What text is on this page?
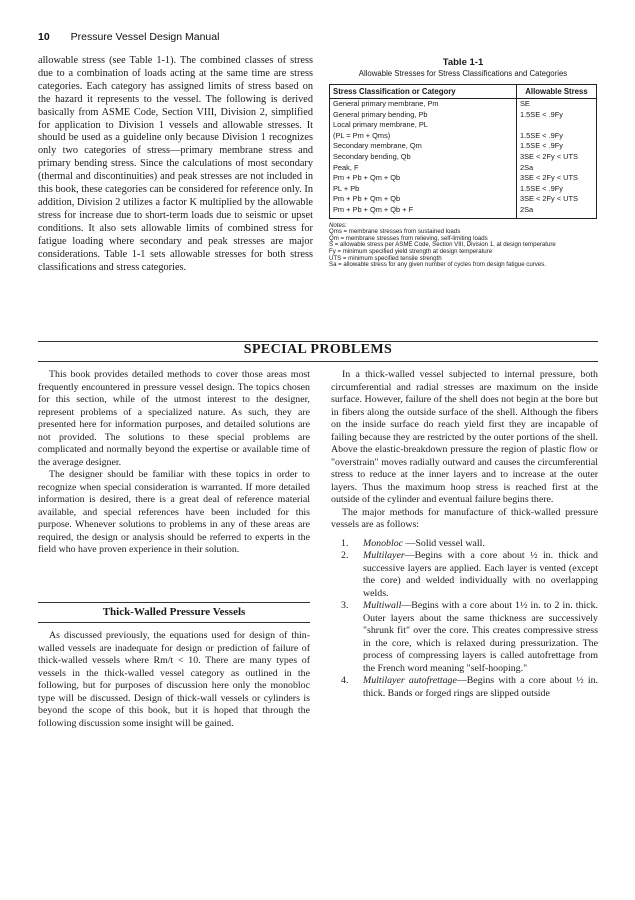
10 Pressure Vessel Design Manual
allowable stress (see Table 1-1). The combined classes of stress due to a combination of loads acting at the same time are stress categories. Each category has assigned limits of stress based on the hazard it represents to the vessel. The following is derived basically from ASME Code, Section VIII, Division 2, simplified for application to Division 1 vessels and allowable stresses. It should be used as a guideline only because Division 1 recognizes only two categories of stress—primary membrane stress and primary bending stress. Since the calculations of most secondary (thermal and discontinuities) and peak stresses are not included in this book, these categories can be considered for reference only. In addition, Division 2 utilizes a factor K multiplied by the allowable stress for increase due to short-term loads due to seismic or upset conditions. It also sets allowable limits of combined stress for fatigue loading where secondary and peak stresses are major considerations. Table 1-1 sets allowable stresses for both stress classifications and stress categories.
Table 1-1
Allowable Stresses for Stress Classifications and Categories
Stress Classification or Category	Allowable Stress
General primary membrane, Pm	SE
General primary bending, Pb	1.5SE < .9Fy
Local primary membrane, PL	
(PL = Pm + Qms)	1.5SE < .9Fy
Secondary membrane, Qm	1.5SE < .9Fy
Secondary bending, Qb	3SE < 2Fy < UTS
Peak, F	2Sa
Pm + Pb + Qm + Qb	3SE < 2Fy < UTS
PL + Pb	1.5SE < .9Fy
Pm + Pb + Qm + Qb	3SE < 2Fy < UTS
Pm + Pb + Qm + Qb + F	2Sa
Notes:
Qms = membrane stresses from sustained loads
Qm = membrane stresses from relieving, self-limiting loads
S = allowable stress per ASME Code, Section VIII, Division 1, at design temperature
Fy = minimum specified yield strength at design temperature
UTS = minimum specified tensile strength
Sa = allowable stress for any given number of cycles from design fatigue curves.
SPECIAL PROBLEMS

This book provides detailed methods to cover those areas most frequently encountered in pressure vessel design. The topics chosen for this section, while of the utmost interest to the designer, represent problems of a specialized nature. As such, they are presented here for information purposes, and detailed solutions are not provided. The solutions to these special problems are complicated and normally beyond the expertise or available time of the average designer.

The designer should be familiar with these topics in order to recognize when special consideration is warranted. If more detailed information is desired, there is a great deal of reference material available, and special references have been included for this purpose. Whenever solutions to problems in any of these areas are required, the design or analysis should be referred to experts in the field who have proven experience in their solution.

Thick-Walled Pressure Vessels

As discussed previously, the equations used for design of thin-walled vessels are inadequate for design or prediction of failure of thick-walled vessels where Rm/t < 10. There are many types of vessels in the thick-walled vessel category as outlined in the following, but for purposes of discussion here only the monobloc type will be discussed. Design of thick-wall vessels or cylinders is beyond the scope of this book, but it is hoped that through the following discussion some insight will be gained.

In a thick-walled vessel subjected to internal pressure, both circumferential and radial stresses are maximum on the inside surface. However, failure of the shell does not begin at the bore but in fibers along the outside surface of the shell. Although the fibers on the inside surface do reach yield first they are incapable of failing because they are restricted by the outer portions of the shell. Above the elastic-breakdown pressure the region of plastic flow or "overstrain" moves radially outward and causes the circumferential stress to reduce at the inner layers and to increase at the outer layers. Thus the maximum hoop stress is reached first at the outside of the cylinder and eventual failure begins there.

The major methods for manufacture of thick-walled pressure vessels are as follows:

1. Monobloc —Solid vessel wall.
2. Multilayer—Begins with a core about ½ in. thick and successive layers are applied. Each layer is vented (except the core) and welded individually with no overlapping welds.
3. Multiwall—Begins with a core about 1½ in. to 2 in. thick. Outer layers about the same thickness are successively "shrunk fit" over the core. This creates compressive stress in the core, which is relaxed during pressurization. The process of compressing layers is called autofrettage from the French word meaning "self-hooping."
4. Multilayer autofrettage—Begins with a core about ½ in. thick. Bands or forged rings are slipped outside
